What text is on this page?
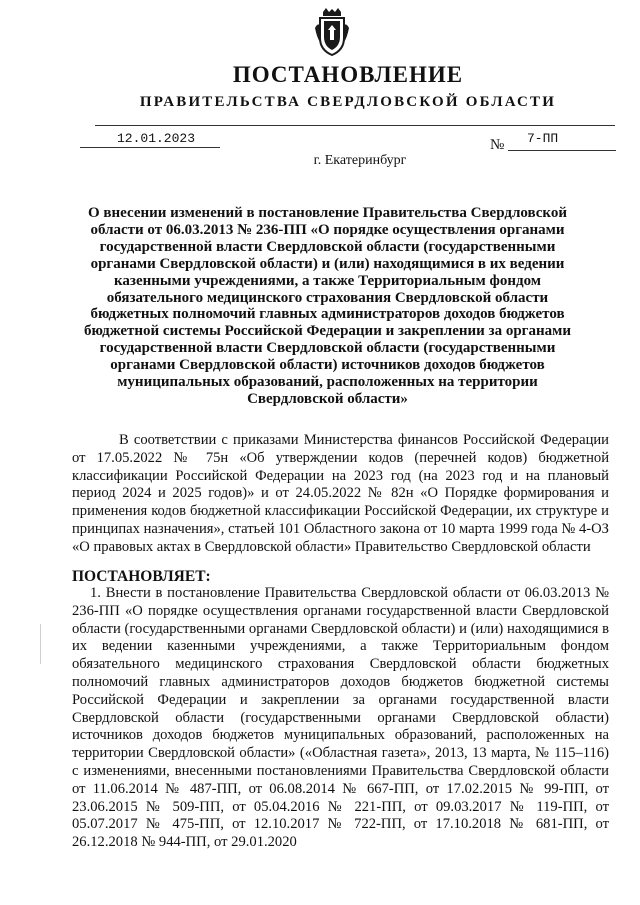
ПОСТАНОВЛЕНИЕ
ПРАВИТЕЛЬСТВА СВЕРДЛОВСКОЙ ОБЛАСТИ
12.01.2023	№ 7-ПП
г. Екатеринбург
О внесении изменений в постановление Правительства Свердловской области от 06.03.2013 № 236-ПП «О порядке осуществления органами государственной власти Свердловской области (государственными органами Свердловской области) и (или) находящимися в их ведении казенными учреждениями, а также Территориальным фондом обязательного медицинского страхования Свердловской области бюджетных полномочий главных администраторов доходов бюджетов бюджетной системы Российской Федерации и закреплении за органами государственной власти Свердловской области (государственными органами Свердловской области) источников доходов бюджетов муниципальных образований, расположенных на территории Свердловской области»
В соответствии с приказами Министерства финансов Российской Федерации от 17.05.2022 № 75н «Об утверждении кодов (перечней кодов) бюджетной классификации Российской Федерации на 2023 год (на 2023 год и на плановый период 2024 и 2025 годов)» и от 24.05.2022 № 82н «О Порядке формирования и применения кодов бюджетной классификации Российской Федерации, их структуре и принципах назначения», статьей 101 Областного закона от 10 марта 1999 года № 4-ОЗ «О правовых актах в Свердловской области» Правительство Свердловской области
ПОСТАНОВЛЯЕТ:
1. Внести в постановление Правительства Свердловской области от 06.03.2013 № 236-ПП «О порядке осуществления органами государственной власти Свердловской области (государственными органами Свердловской области) и (или) находящимися в их ведении казенными учреждениями, а также Территориальным фондом обязательного медицинского страхования Свердловской области бюджетных полномочий главных администраторов доходов бюджетов бюджетной системы Российской Федерации и закреплении за органами государственной власти Свердловской области (государственными органами Свердловской области) источников доходов бюджетов муниципальных образований, расположенных на территории Свердловской области» («Областная газета», 2013, 13 марта, № 115–116) с изменениями, внесенными постановлениями Правительства Свердловской области от 11.06.2014 № 487-ПП, от 06.08.2014 № 667-ПП, от 17.02.2015 № 99-ПП, от 23.06.2015 № 509-ПП, от 05.04.2016 № 221-ПП, от 09.03.2017 № 119-ПП, от 05.07.2017 № 475-ПП, от 12.10.2017 № 722-ПП, от 17.10.2018 № 681-ПП, от 26.12.2018 № 944-ПП, от 29.01.2020
